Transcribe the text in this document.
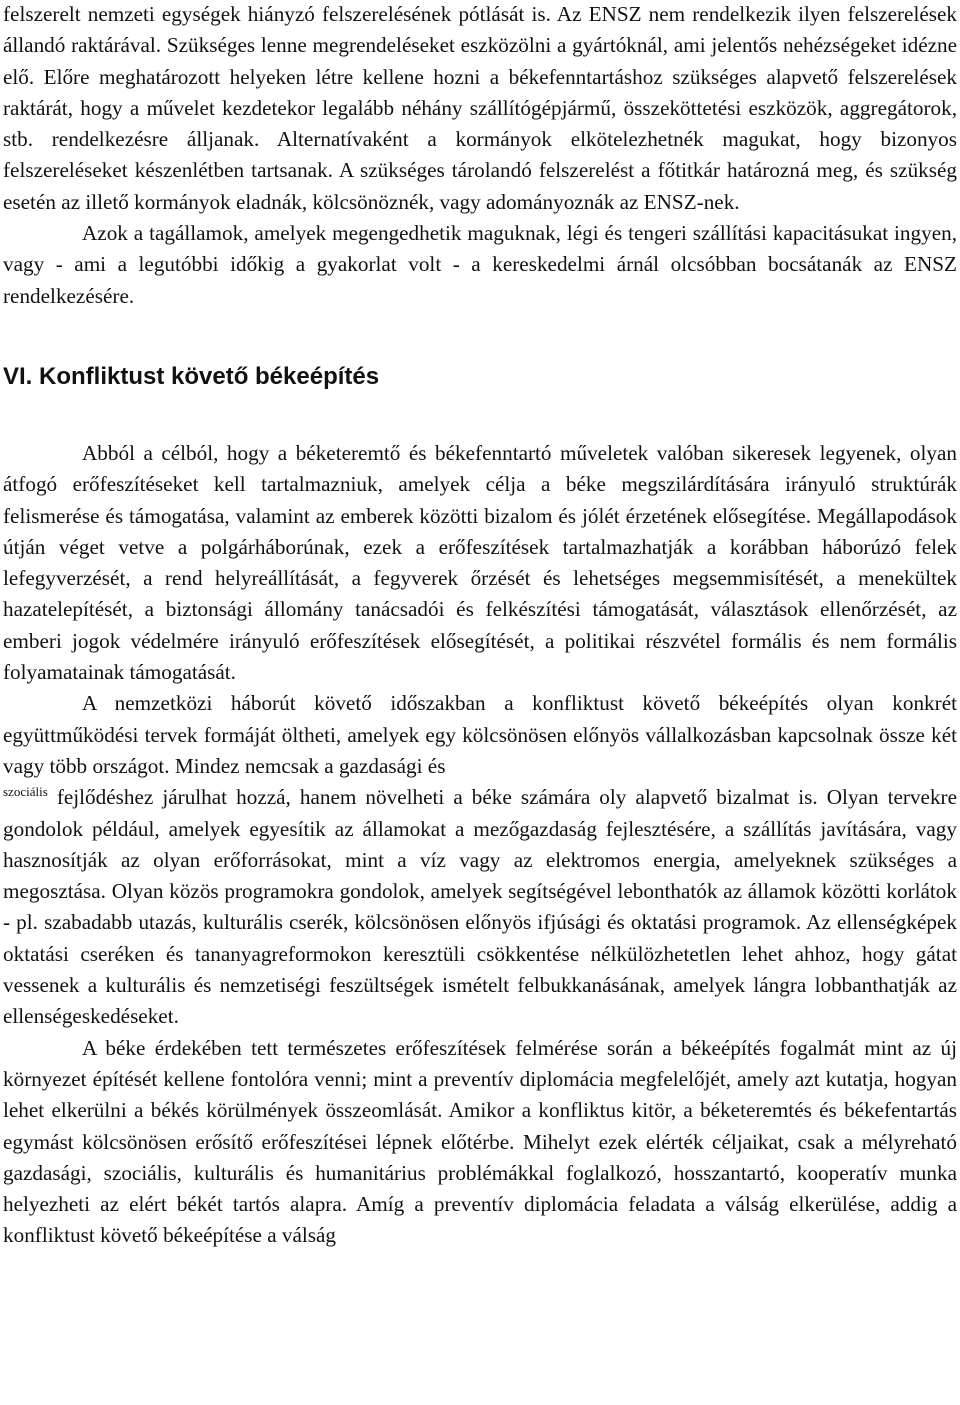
felszerelt nemzeti egységek hiányzó felszerelésének pótlását is. Az ENSZ nem rendelkezik ilyen felszerelések állandó raktárával. Szükséges lenne megrendeléseket eszközölni a gyártóknál, ami jelentős nehézségeket idézne elő. Előre meghatározott helyeken létre kellene hozni a békefenntartáshoz szükséges alapvető felszerelések raktárát, hogy a művelet kezdetekor legalább néhány szállítógépjármű, összeköttetési eszközök, aggregátorok, stb. rendelkezésre álljanak. Alternatívaként a kormányok elkötelezhetnék magukat, hogy bizonyos felszereléseket készenlétben tartsanak. A szükséges tárolandó felszerelést a főtitkár határozná meg, és szükség esetén az illető kormányok eladnák, kölcsönöznék, vagy adományoznák az ENSZ-nek.

Azok a tagállamok, amelyek megengedhetik maguknak, légi és tengeri szállítási kapacitásukat ingyen, vagy - ami a legutóbbi időkig a gyakorlat volt - a kereskedelmi árnál olcsóbban bocsátanák az ENSZ rendelkezésére.

VI. Konfliktust követő békeépítés

Abból a célból, hogy a béketeremtő és békefenntartó műveletek valóban sikeresek legyenek, olyan átfogó erőfeszítéseket kell tartalmazniuk, amelyek célja a béke megszilárdítására irányuló struktúrák felismerése és támogatása, valamint az emberek közötti bizalom és jólét érzetének elősegítése. Megállapodások útján véget vetve a polgárháborúnak, ezek a erőfeszítések tartalmazhatják a korábban háborúzó felek lefegyverzését, a rend helyreállítását, a fegyverek őrzését és lehetséges megsemmisítését, a menekültek hazatelepítését, a biztonsági állomány tanácsadói és felkészítési támogatását, választások ellenőrzését, az emberi jogok védelmére irányuló erőfeszítések elősegítését, a politikai részvétel formális és nem formális folyamatainak támogatását.

A nemzetközi háborút követő időszakban a konfliktust követő békeépítés olyan konkrét együttműködési tervek formáját öltheti, amelyek egy kölcsönösen előnyös vállalkozásban kapcsolnak össze két vagy több országot. Mindez nemcsak a gazdasági és
$^{szociális}$ fejlődéshez járulhat hozzá, hanem növelheti a béke számára oly alapvető bizalmat is. Olyan tervekre gondolok például, amelyek egyesítik az államokat a mezőgazdaság fejlesztésére, a szállítás javítására, vagy hasznosítják az olyan erőforrásokat, mint a víz vagy az elektromos energia, amelyeknek szükséges a megosztása. Olyan közös programokra gondolok, amelyek segítségével lebonthatók az államok közötti korlátok - pl. szabadabb utazás, kulturális cserék, kölcsönösen előnyös ifjúsági és oktatási programok. Az ellenségképek oktatási cseréken és tananyagreformokon keresztüli csökkentése nélkülözhetetlen lehet ahhoz, hogy gátat vessenek a kulturális és nemzetiségi feszültségek ismételt felbukkanásának, amelyek lángra lobbanthatják az ellenségeskedéseket.

A béke érdekében tett természetes erőfeszítések felmérése során a békeépítés fogalmát mint az új környezet építését kellene fontolóra venni; mint a preventív diplomácia megfelelőjét, amely azt kutatja, hogyan lehet elkerülni a békés körülmények összeomlását. Amikor a konfliktus kitör, a béketeremtés és békefentartás egymást kölcsönösen erősítő erőfeszítései lépnek előtérbe. Mihelyt ezek elérték céljaikat, csak a mélyreható gazdasági, szociális, kulturális és humanitárius problémákkal foglalkozó, hosszantartó, kooperatív munka helyezheti az elért békét tartós alapra. Amíg a preventív diplomácia feladata a válság elkerülése, addig a konfliktust követő békeépítése a válság
